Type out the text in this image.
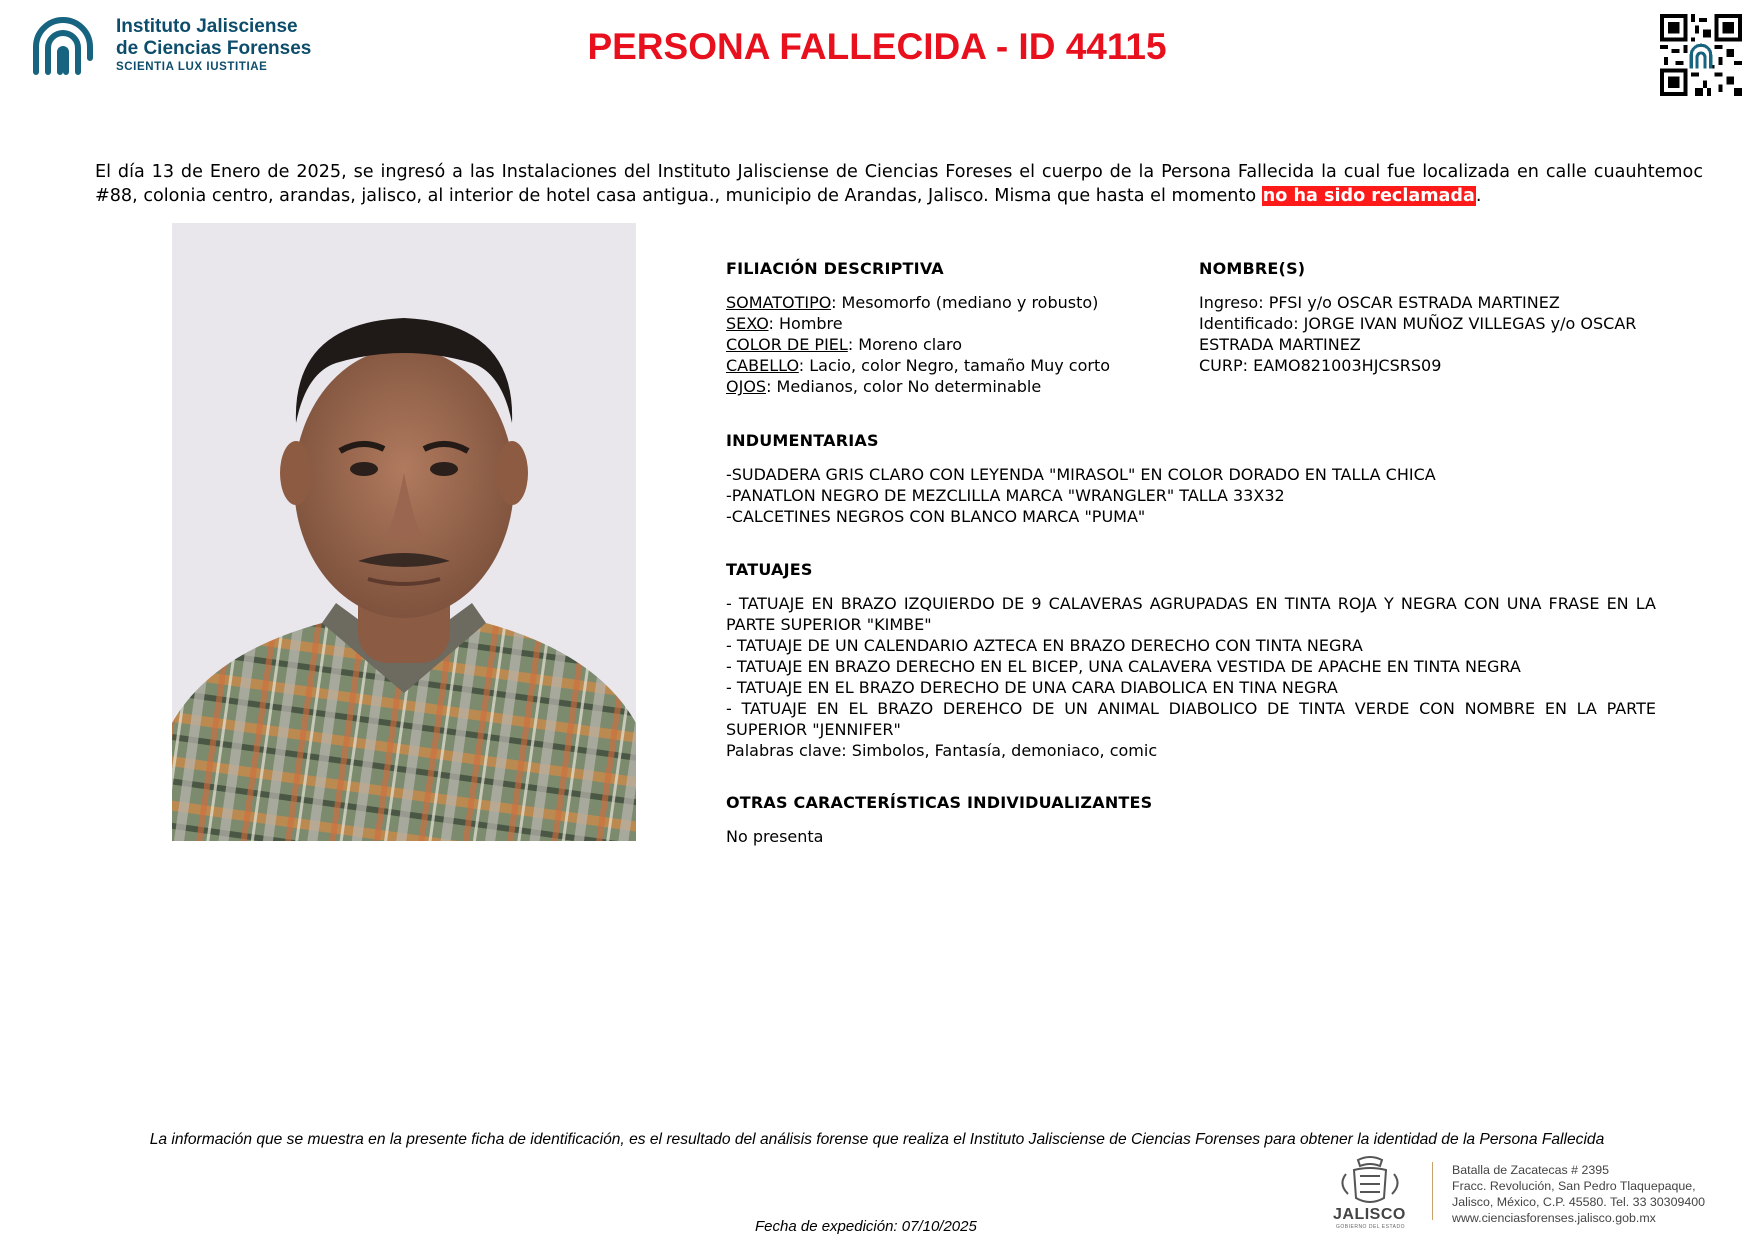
Instituto Jalisciense
de Ciencias Forenses
SCIENTIA LUX IUSTITIAE	PERSONA FALLECIDA - ID 44115
El día 13 de Enero de 2025, se ingresó a las Instalaciones del Instituto Jalisciense de Ciencias Foreses el cuerpo de la Persona Fallecida la cual fue localizada en calle cuauhtemoc #88, colonia centro, arandas, jalisco, al interior de hotel casa antigua., municipio de Arandas, Jalisco. Misma que hasta el momento no ha sido reclamada.
FILIACIÓN DESCRIPTIVA
SOMATOTIPO: Mesomorfo (mediano y robusto)
SEXO: Hombre
COLOR DE PIEL: Moreno claro
CABELLO: Lacio, color Negro, tamaño Muy corto
OJOS: Medianos, color No determinable
NOMBRE(S)
Ingreso: PFSI y/o OSCAR ESTRADA MARTINEZ
Identificado: JORGE IVAN MUÑOZ VILLEGAS y/o OSCAR ESTRADA MARTINEZ
CURP: EAMO821003HJCSRS09
INDUMENTARIAS
-SUDADERA GRIS CLARO CON LEYENDA "MIRASOL" EN COLOR DORADO EN TALLA CHICA
-PANATLON NEGRO DE MEZCLILLA MARCA "WRANGLER" TALLA 33X32
-CALCETINES NEGROS CON BLANCO MARCA "PUMA"
TATUAJES
- TATUAJE EN BRAZO IZQUIERDO DE 9 CALAVERAS AGRUPADAS EN TINTA ROJA Y NEGRA CON UNA FRASE EN LA PARTE SUPERIOR "KIMBE"
- TATUAJE DE UN CALENDARIO AZTECA EN BRAZO DERECHO CON TINTA NEGRA
- TATUAJE EN BRAZO DERECHO EN EL BICEP, UNA CALAVERA VESTIDA DE APACHE EN TINTA NEGRA
- TATUAJE EN EL BRAZO DERECHO DE UNA CARA DIABOLICA EN TINA NEGRA
- TATUAJE EN EL BRAZO DEREHCO DE UN ANIMAL DIABOLICO DE TINTA VERDE CON NOMBRE EN LA PARTE SUPERIOR "JENNIFER"
Palabras clave: Simbolos, Fantasía, demoniaco, comic
OTRAS CARACTERÍSTICAS INDIVIDUALIZANTES
No presenta
La información que se muestra en la presente ficha de identificación, es el resultado del análisis forense que realiza el Instituto Jalisciense de Ciencias Forenses para obtener la identidad de la Persona Fallecida
Fecha de expedición: 07/10/2025
JALISCO
GOBIERNO DEL ESTADO
Batalla de Zacatecas # 2395
Fracc. Revolución, San Pedro Tlaquepaque,
Jalisco, México, C.P. 45580. Tel. 33 30309400
www.cienciasforenses.jalisco.gob.mx
